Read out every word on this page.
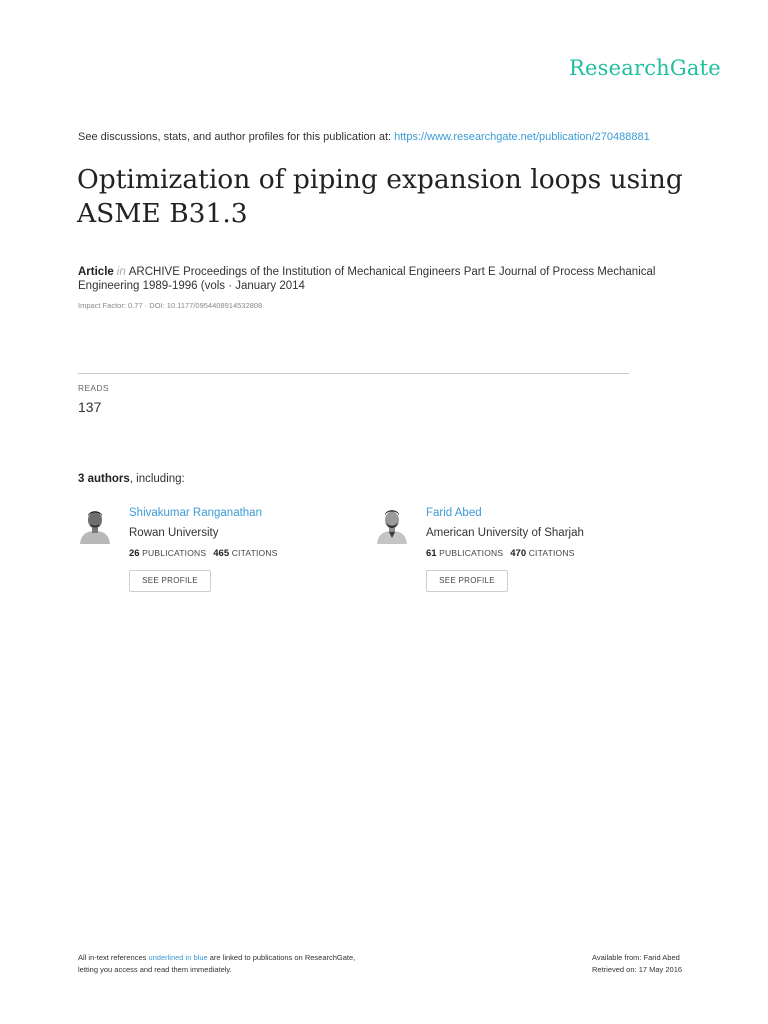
ResearchGate
See discussions, stats, and author profiles for this publication at: https://www.researchgate.net/publication/270488881
Optimization of piping expansion loops using ASME B31.3
Article in ARCHIVE Proceedings of the Institution of Mechanical Engineers Part E Journal of Process Mechanical Engineering 1989-1996 (vols · January 2014
Impact Factor: 0.77 · DOI: 10.1177/0954408914532808
READS
137
3 authors, including:
Shivakumar Ranganathan
Rowan University
26 PUBLICATIONS 465 CITATIONS
SEE PROFILE
Farid Abed
American University of Sharjah
61 PUBLICATIONS 470 CITATIONS
SEE PROFILE
All in-text references underlined in blue are linked to publications on ResearchGate,
letting you access and read them immediately.
Available from: Farid Abed
Retrieved on: 17 May 2016
